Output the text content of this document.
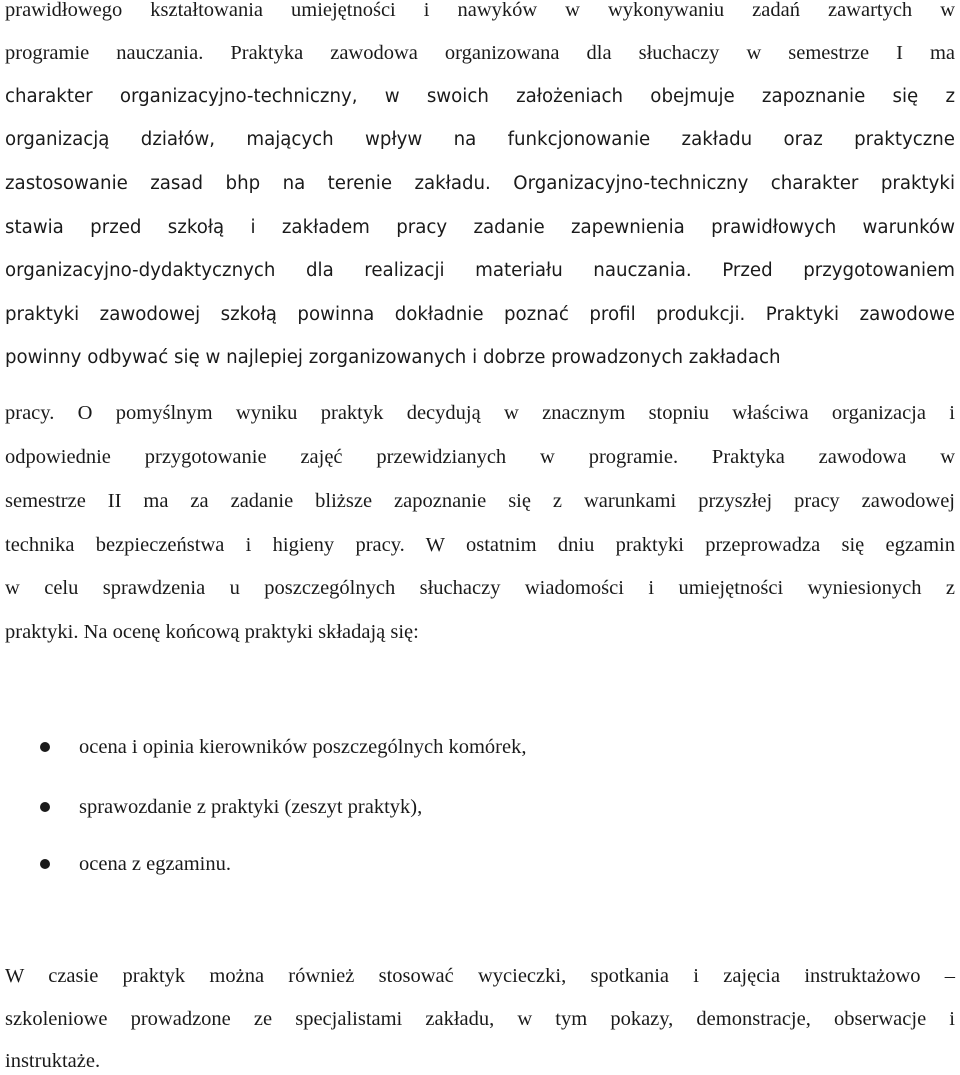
prawidłowego kształtowania umiejętności i nawyków w wykonywaniu zadań zawartych w
programie nauczania. Praktyka zawodowa organizowana dla słuchaczy w semestrze I ma
charakter organizacyjno-techniczny, w swoich założeniach obejmuje zapoznanie się z
organizacją działów, mających wpływ na funkcjonowanie zakładu oraz praktyczne
zastosowanie zasad bhp na terenie zakładu. Organizacyjno-techniczny charakter praktyki
stawia przed szkołą i zakładem pracy zadanie zapewnienia prawidłowych warunków
organizacyjno-dydaktycznych dla realizacji materiału nauczania. Przed przygotowaniem
praktyki zawodowej szkołą powinna dokładnie poznać profil produkcji. Praktyki zawodowe
powinny odbywać się w najlepiej zorganizowanych i dobrze prowadzonych zakładach
pracy. O pomyślnym wyniku praktyk decydują w znacznym stopniu właściwa organizacja i
odpowiednie przygotowanie zajęć przewidzianych w programie. Praktyka zawodowa w
semestrze II ma za zadanie bliższe zapoznanie się z warunkami przyszłej pracy zawodowej
technika bezpieczeństwa i higieny pracy. W ostatnim dniu praktyki przeprowadza się egzamin
w celu sprawdzenia u poszczególnych słuchaczy wiadomości i umiejętności wyniesionych z
praktyki. Na ocenę końcową praktyki składają się:
ocena i opinia kierowników poszczególnych komórek,
sprawozdanie z praktyki (zeszyt praktyk),
ocena z egzaminu.
W czasie praktyk można również stosować wycieczki, spotkania i zajęcia instruktażowo –
szkoleniowe prowadzone ze specjalistami zakładu, w tym pokazy, demonstracje, obserwacje i
instruktaże.
